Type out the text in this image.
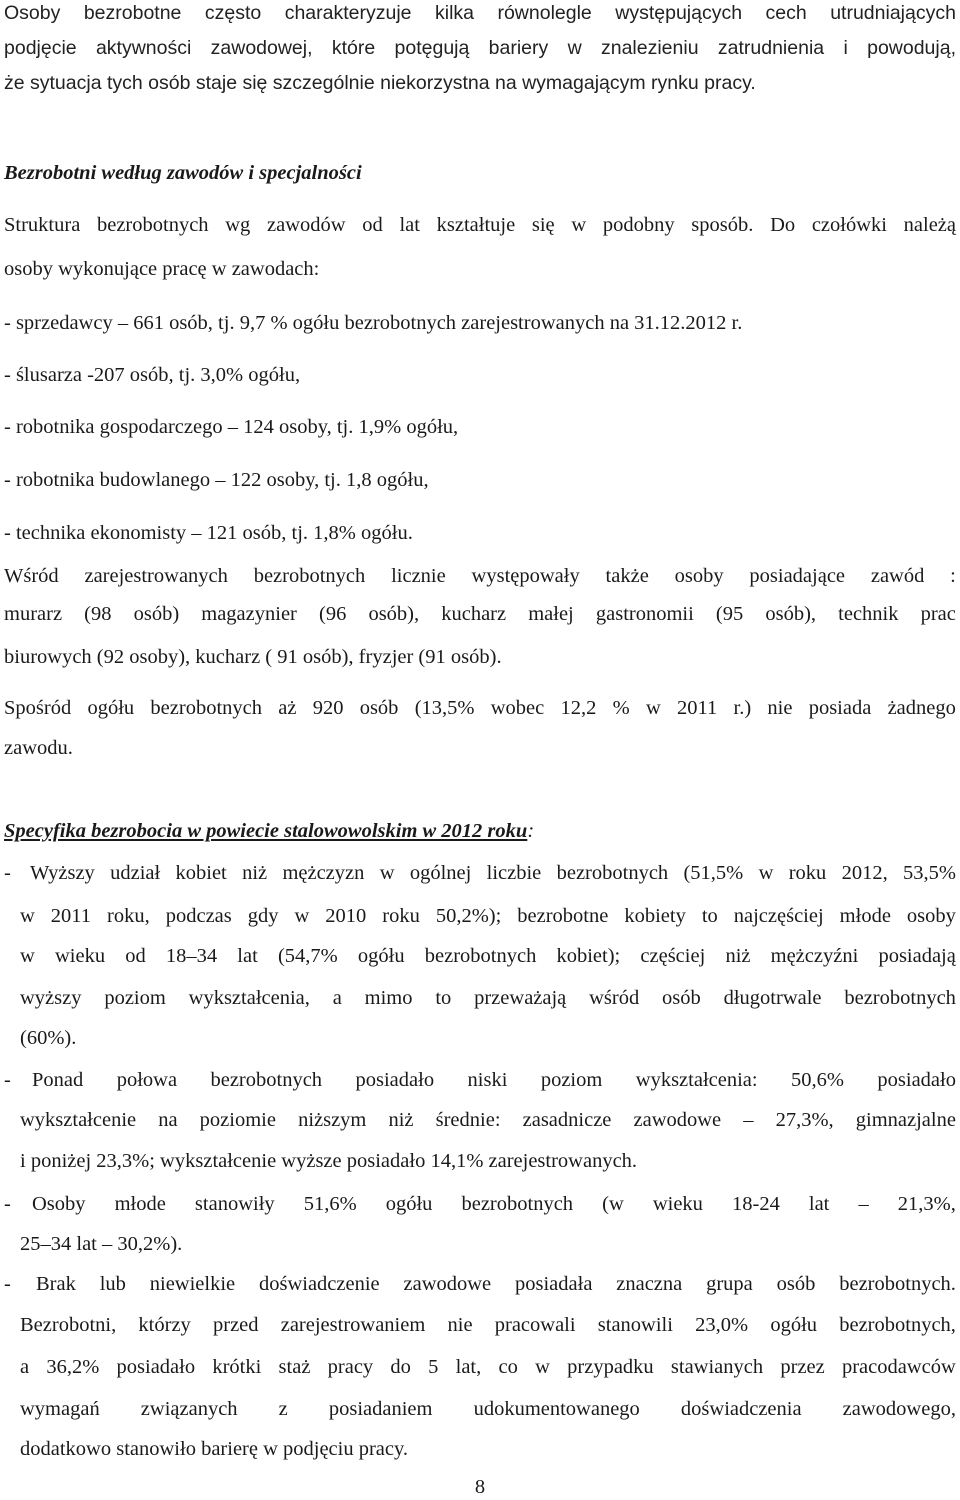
Osoby bezrobotne często charakteryzuje kilka równolegle występujących cech utrudniających
podjęcie aktywności zawodowej, które potęgują bariery w znalezieniu zatrudnienia i powodują,
że sytuacja tych osób staje się szczególnie niekorzystna na wymagającym rynku pracy.
Bezrobotni według zawodów i specjalności
Struktura bezrobotnych wg zawodów od lat kształtuje się w podobny sposób. Do czołówki należą
osoby wykonujące pracę w zawodach:
- sprzedawcy – 661 osób, tj. 9,7 % ogółu bezrobotnych zarejestrowanych na 31.12.2012 r.
- ślusarza -207 osób, tj. 3,0% ogółu,
- robotnika gospodarczego – 124 osoby, tj. 1,9% ogółu,
- robotnika budowlanego – 122 osoby, tj. 1,8 ogółu,
- technika ekonomisty – 121 osób, tj. 1,8% ogółu.
Wśród zarejestrowanych bezrobotnych licznie występowały także osoby posiadające zawód :
murarz (98 osób) magazynier (96 osób), kucharz małej gastronomii (95 osób), technik prac
biurowych (92 osoby), kucharz ( 91 osób), fryzjer (91 osób).
Spośród ogółu bezrobotnych aż 920 osób (13,5% wobec 12,2 % w 2011 r.) nie posiada żadnego
zawodu.
Specyfika bezrobocia w powiecie stalowowolskim w 2012 roku:
- Wyższy udział kobiet niż mężczyzn w ogólnej liczbie bezrobotnych (51,5% w roku 2012, 53,5%
w 2011 roku, podczas gdy w 2010 roku 50,2%); bezrobotne kobiety to najczęściej młode osoby
w wieku od 18–34 lat (54,7% ogółu bezrobotnych kobiet); częściej niż mężczyźni posiadają
wyższy poziom wykształcenia, a mimo to przeważają wśród osób długotrwale bezrobotnych
(60%).
- Ponad połowa bezrobotnych posiadało niski poziom wykształcenia: 50,6% posiadało
wykształcenie na poziomie niższym niż średnie: zasadnicze zawodowe – 27,3%, gimnazjalne
i poniżej 23,3%; wykształcenie wyższe posiadało 14,1% zarejestrowanych.
- Osoby młode stanowiły 51,6% ogółu bezrobotnych (w wieku 18-24 lat – 21,3%,
25–34 lat – 30,2%).
- Brak lub niewielkie doświadczenie zawodowe posiadała znaczna grupa osób bezrobotnych.
Bezrobotni, którzy przed zarejestrowaniem nie pracowali stanowili 23,0% ogółu bezrobotnych,
a 36,2% posiadało krótki staż pracy do 5 lat, co w przypadku stawianych przez pracodawców
wymagań związanych z posiadaniem udokumentowanego doświadczenia zawodowego,
dodatkowo stanowiło barierę w podjęciu pracy.
8
